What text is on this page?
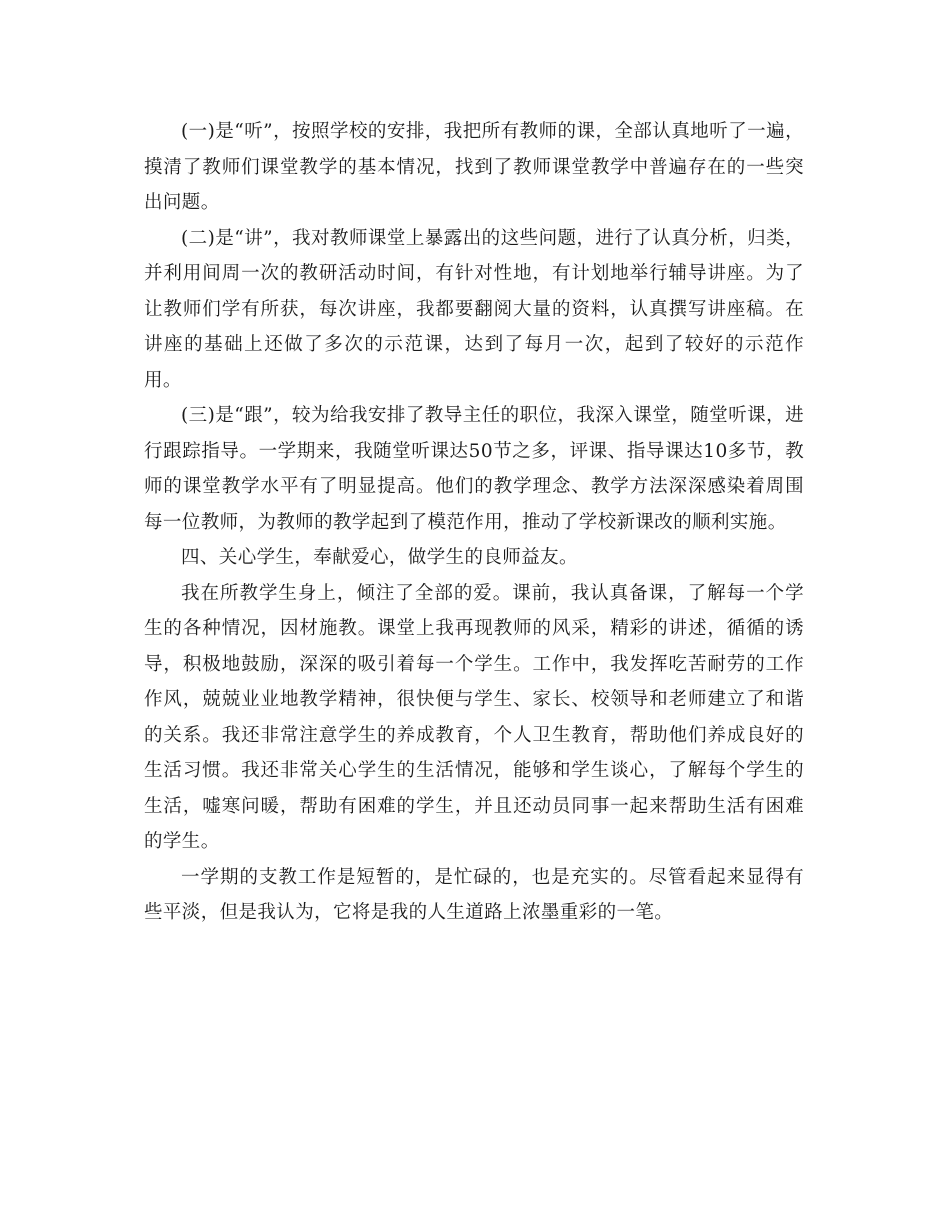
(一)是“听”，按照学校的安排，我把所有教师的课，全部认真地听了一遍，摸清了教师们课堂教学的基本情况，找到了教师课堂教学中普遍存在的一些突出问题。

(二)是“讲”，我对教师课堂上暴露出的这些问题，进行了认真分析，归类，并利用间周一次的教研活动时间，有针对性地，有计划地举行辅导讲座。为了让教师们学有所获，每次讲座，我都要翻阅大量的资料，认真撰写讲座稿。在讲座的基础上还做了多次的示范课，达到了每月一次，起到了较好的示范作用。

(三)是“跟”，较为给我安排了教导主任的职位，我深入课堂，随堂听课，进行跟踪指导。一学期来，我随堂听课达50节之多，评课、指导课达10多节，教师的课堂教学水平有了明显提高。他们的教学理念、教学方法深深感染着周围每一位教师，为教师的教学起到了模范作用，推动了学校新课改的顺利实施。

四、关心学生，奉献爱心，做学生的良师益友。

我在所教学生身上，倾注了全部的爱。课前，我认真备课，了解每一个学生的各种情况，因材施教。课堂上我再现教师的风采，精彩的讲述，循循的诱导，积极地鼓励，深深的吸引着每一个学生。工作中，我发挥吃苦耐劳的工作作风，兢兢业业地教学精神，很快便与学生、家长、校领导和老师建立了和谐的关系。我还非常注意学生的养成教育，个人卫生教育，帮助他们养成良好的生活习惯。我还非常关心学生的生活情况，能够和学生谈心，了解每个学生的生活，嘘寒问暖，帮助有困难的学生，并且还动员同事一起来帮助生活有困难的学生。

一学期的支教工作是短暂的，是忙碌的，也是充实的。尽管看起来显得有些平淡，但是我认为，它将是我的人生道路上浓墨重彩的一笔。
